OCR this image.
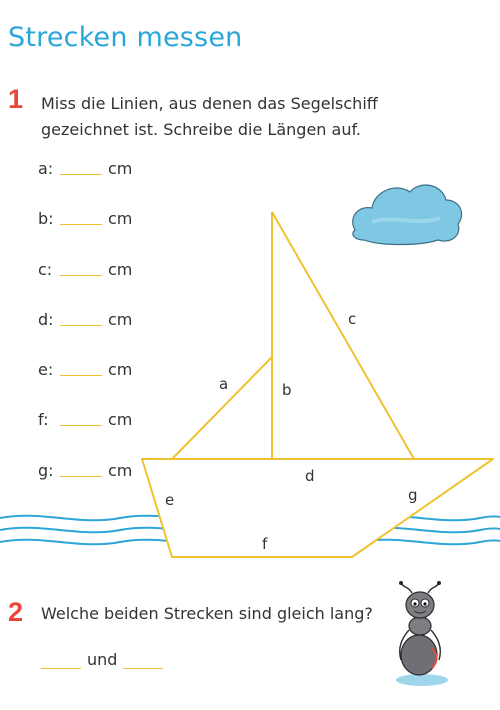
Strecken messen
1 Miss die Linien, aus denen das Segelschiff
gezeichnet ist. Schreibe die Längen auf.
a:	cm
b:	cm
c:	cm
d:	cm
e:	cm
f:	cm
g:	cm
a	b
c
d
e
f
g
2 Welche beiden Strecken sind gleich lang?
und
